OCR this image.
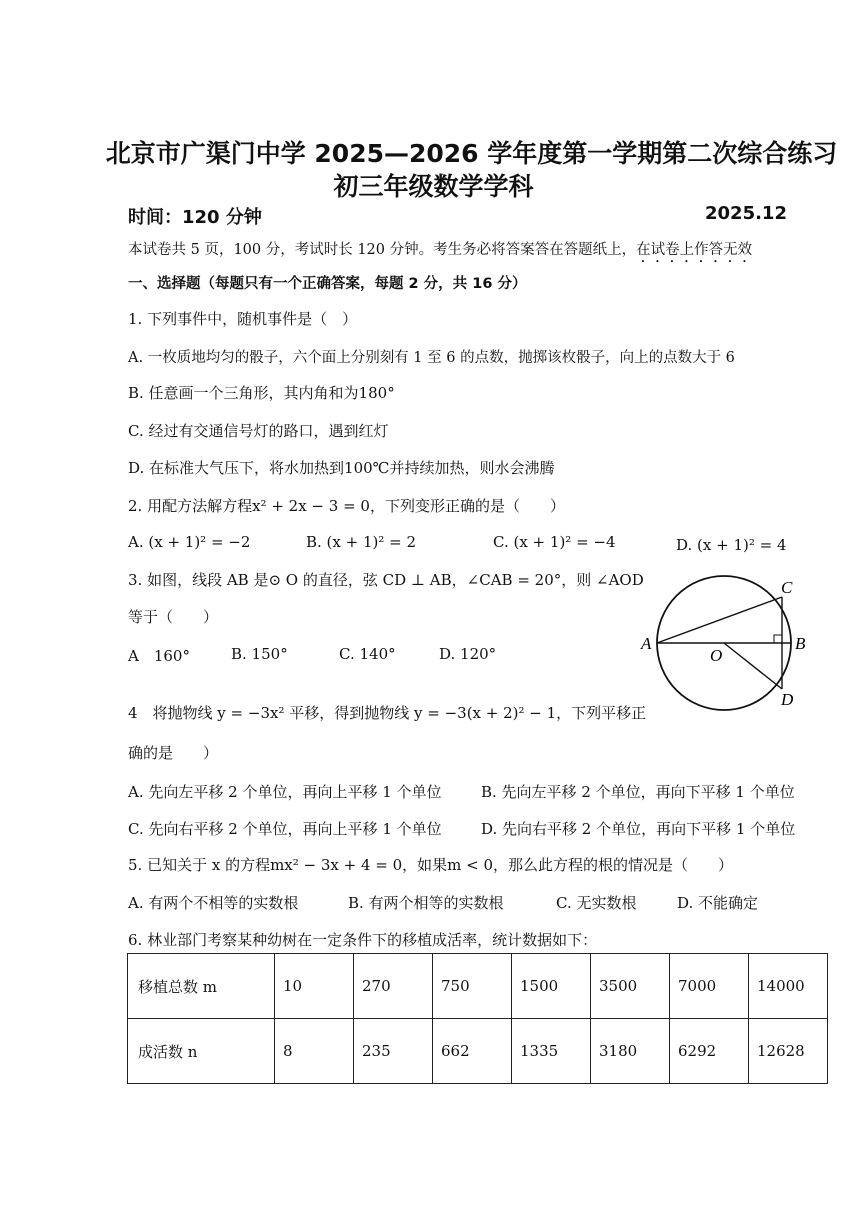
北京市广渠门中学 2025—2026 学年度第一学期第二次综合练习
初三年级数学学科
时间：120 分钟	2025.12
本试卷共 5 页，100 分，考试时长 120 分钟。考生务必将答案答在答题纸上，在试卷上作答无效
一、选择题（每题只有一个正确答案，每题 2 分，共 16 分）
1. 下列事件中，随机事件是（　）
A. 一枚质地均匀的骰子，六个面上分别刻有 1 至 6 的点数，抛掷该枚骰子，向上的点数大于 6
B. 任意画一个三角形，其内角和为180°
C. 经过有交通信号灯的路口，遇到红灯
D. 在标准大气压下，将水加热到100℃并持续加热，则水会沸腾
2. 用配方法解方程x² + 2x − 3 = 0，下列变形正确的是（　　）
A. (x + 1)² = −2	B. (x + 1)² = 2	C. (x + 1)² = −4	D. (x + 1)² = 4
3. 如图，线段 AB 是⊙ O 的直径，弦 CD ⊥ AB，∠CAB = 20°，则 ∠AOD
等于（　　）
A　160°	B. 150°	C. 140°	D. 120°
A	B
C
D
O
4　将抛物线 y = −3x² 平移，得到抛物线 y = −3(x + 2)² − 1，下列平移正
确的是　　）
A. 先向左平移 2 个单位，再向上平移 1 个单位	B. 先向左平移 2 个单位，再向下平移 1 个单位
C. 先向右平移 2 个单位，再向上平移 1 个单位	D. 先向右平移 2 个单位，再向下平移 1 个单位
5. 已知关于 x 的方程mx² − 3x + 4 = 0，如果m < 0，那么此方程的根的情况是（　　）
A. 有两个不相等的实数根	B. 有两个相等的实数根	C. 无实数根	D. 不能确定
6. 林业部门考察某种幼树在一定条件下的移植成活率，统计数据如下：
移植总数 m	10	270	750	1500	3500	7000	14000
成活数 n	8	235	662	1335	3180	6292	12628
